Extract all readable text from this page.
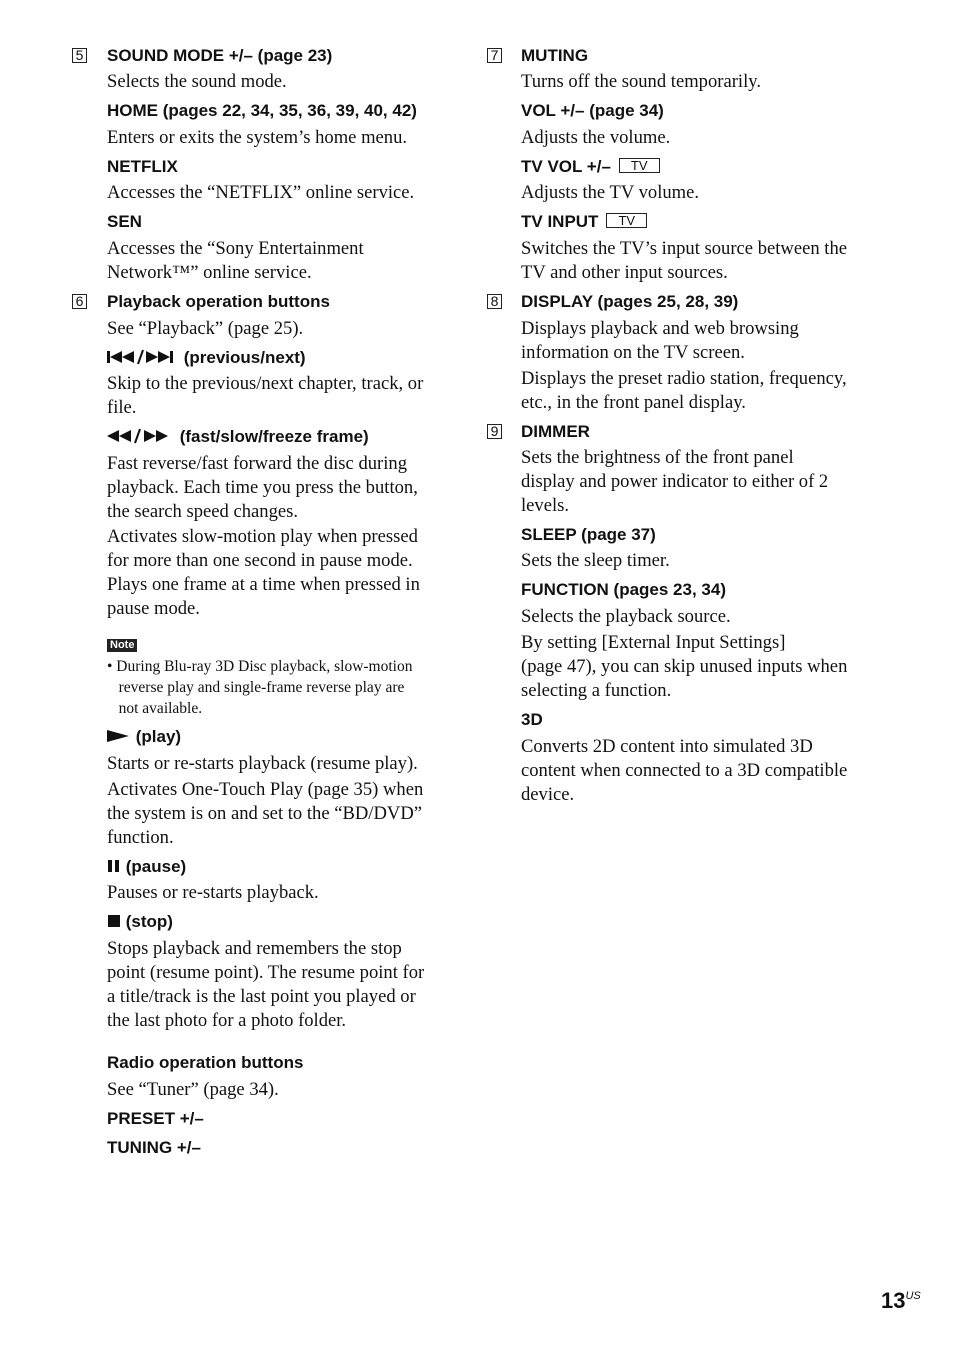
5 SOUND MODE +/– (page 23)
Selects the sound mode.
HOME (pages 22, 34, 35, 36, 39, 40, 42)
Enters or exits the system’s home menu.
NETFLIX
Accesses the “NETFLIX” online service.
SEN
Accesses the “Sony Entertainment
Network™” online service.
6 Playback operation buttons
See “Playback” (page 25).
(previous/next)
Skip to the previous/next chapter, track, or
file.
(fast/slow/freeze frame)
Fast reverse/fast forward the disc during
playback. Each time you press the button,
the search speed changes.
Activates slow-motion play when pressed
for more than one second in pause mode.
Plays one frame at a time when pressed in
pause mode.
Note
• During Blu-ray 3D Disc playback, slow-motion
reverse play and single-frame reverse play are
not available.
(play)
Starts or re-starts playback (resume play).
Activates One-Touch Play (page 35) when
the system is on and set to the “BD/DVD”
function.
(pause)
Pauses or re-starts playback.
(stop)
Stops playback and remembers the stop
point (resume point). The resume point for
a title/track is the last point you played or
the last photo for a photo folder.
Radio operation buttons
See “Tuner” (page 34).
PRESET +/–
TUNING +/–
7 MUTING
Turns off the sound temporarily.
VOL +/– (page 34)
Adjusts the volume.
TV VOL +/– TV
Adjusts the TV volume.
TV INPUT TV
Switches the TV’s input source between the
TV and other input sources.
8 DISPLAY (pages 25, 28, 39)
Displays playback and web browsing
information on the TV screen.
Displays the preset radio station, frequency,
etc., in the front panel display.
9 DIMMER
Sets the brightness of the front panel
display and power indicator to either of 2
levels.
SLEEP (page 37)
Sets the sleep timer.
FUNCTION (pages 23, 34)
Selects the playback source.
By setting [External Input Settings]
(page 47), you can skip unused inputs when
selecting a function.
3D
Converts 2D content into simulated 3D
content when connected to a 3D compatible
device.
$13^{US}$
